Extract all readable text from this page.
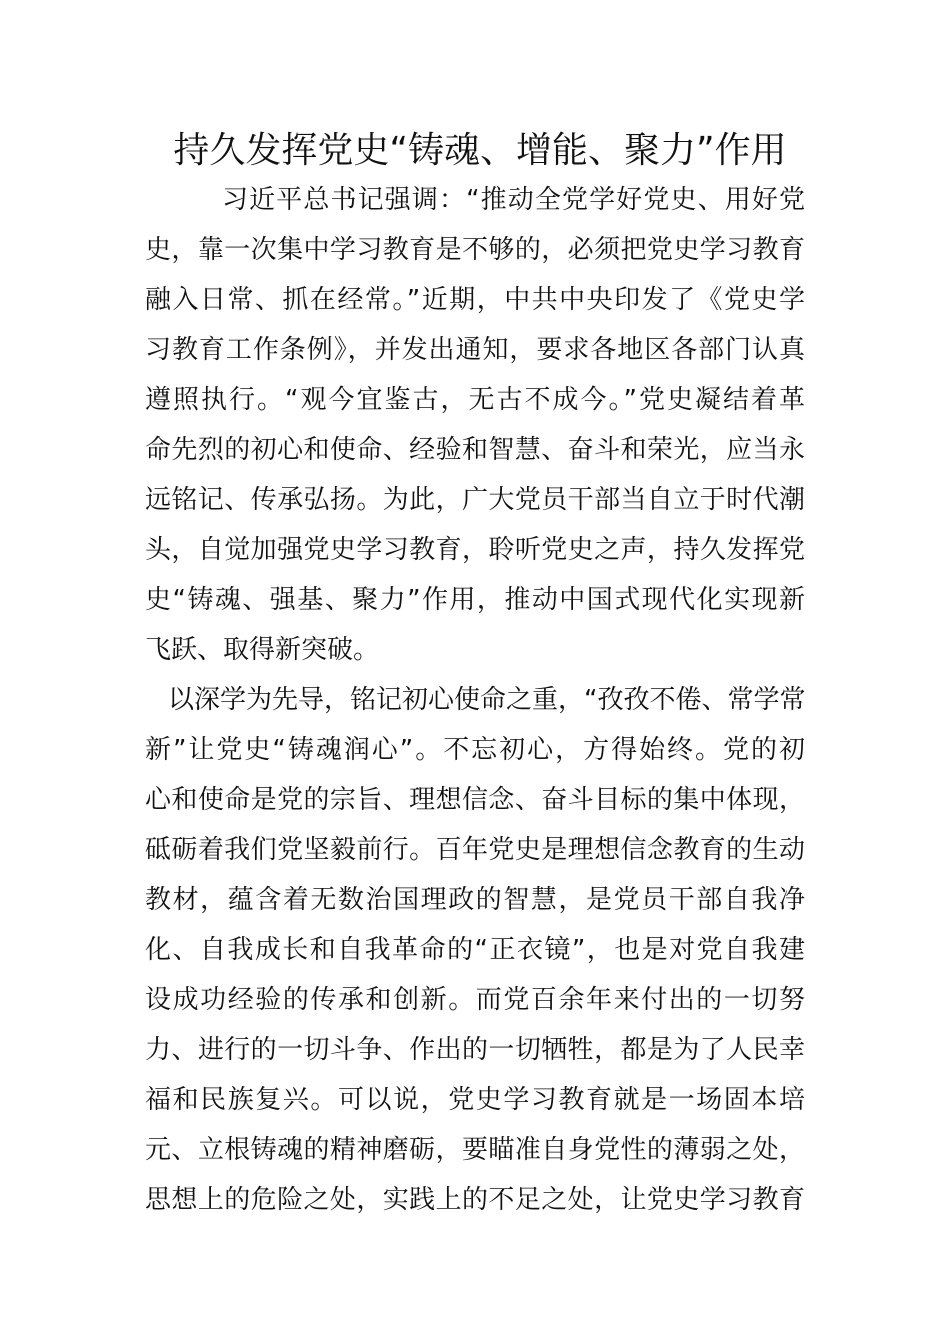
持久发挥党史“铸魂、增能、聚力”作用
习近平总书记强调：“推动全党学好党史、用好党
史，靠一次集中学习教育是不够的，必须把党史学习教育
融入日常、抓在经常。”近期，中共中央印发了《党史学
习教育工作条例》，并发出通知，要求各地区各部门认真
遵照执行。“观今宜鉴古，无古不成今。”党史凝结着革
命先烈的初心和使命、经验和智慧、奋斗和荣光，应当永
远铭记、传承弘扬。为此，广大党员干部当自立于时代潮
头，自觉加强党史学习教育，聆听党史之声，持久发挥党
史“铸魂、强基、聚力”作用，推动中国式现代化实现新
飞跃、取得新突破。
以深学为先导，铭记初心使命之重，“孜孜不倦、常学常
新”让党史“铸魂润心”。不忘初心，方得始终。党的初
心和使命是党的宗旨、理想信念、奋斗目标的集中体现，
砥砺着我们党坚毅前行。百年党史是理想信念教育的生动
教材，蕴含着无数治国理政的智慧，是党员干部自我净
化、自我成长和自我革命的“正衣镜”，也是对党自我建
设成功经验的传承和创新。而党百余年来付出的一切努
力、进行的一切斗争、作出的一切牺牲，都是为了人民幸
福和民族复兴。可以说，党史学习教育就是一场固本培
元、立根铸魂的精神磨砺，要瞄准自身党性的薄弱之处，
思想上的危险之处，实践上的不足之处，让党史学习教育
